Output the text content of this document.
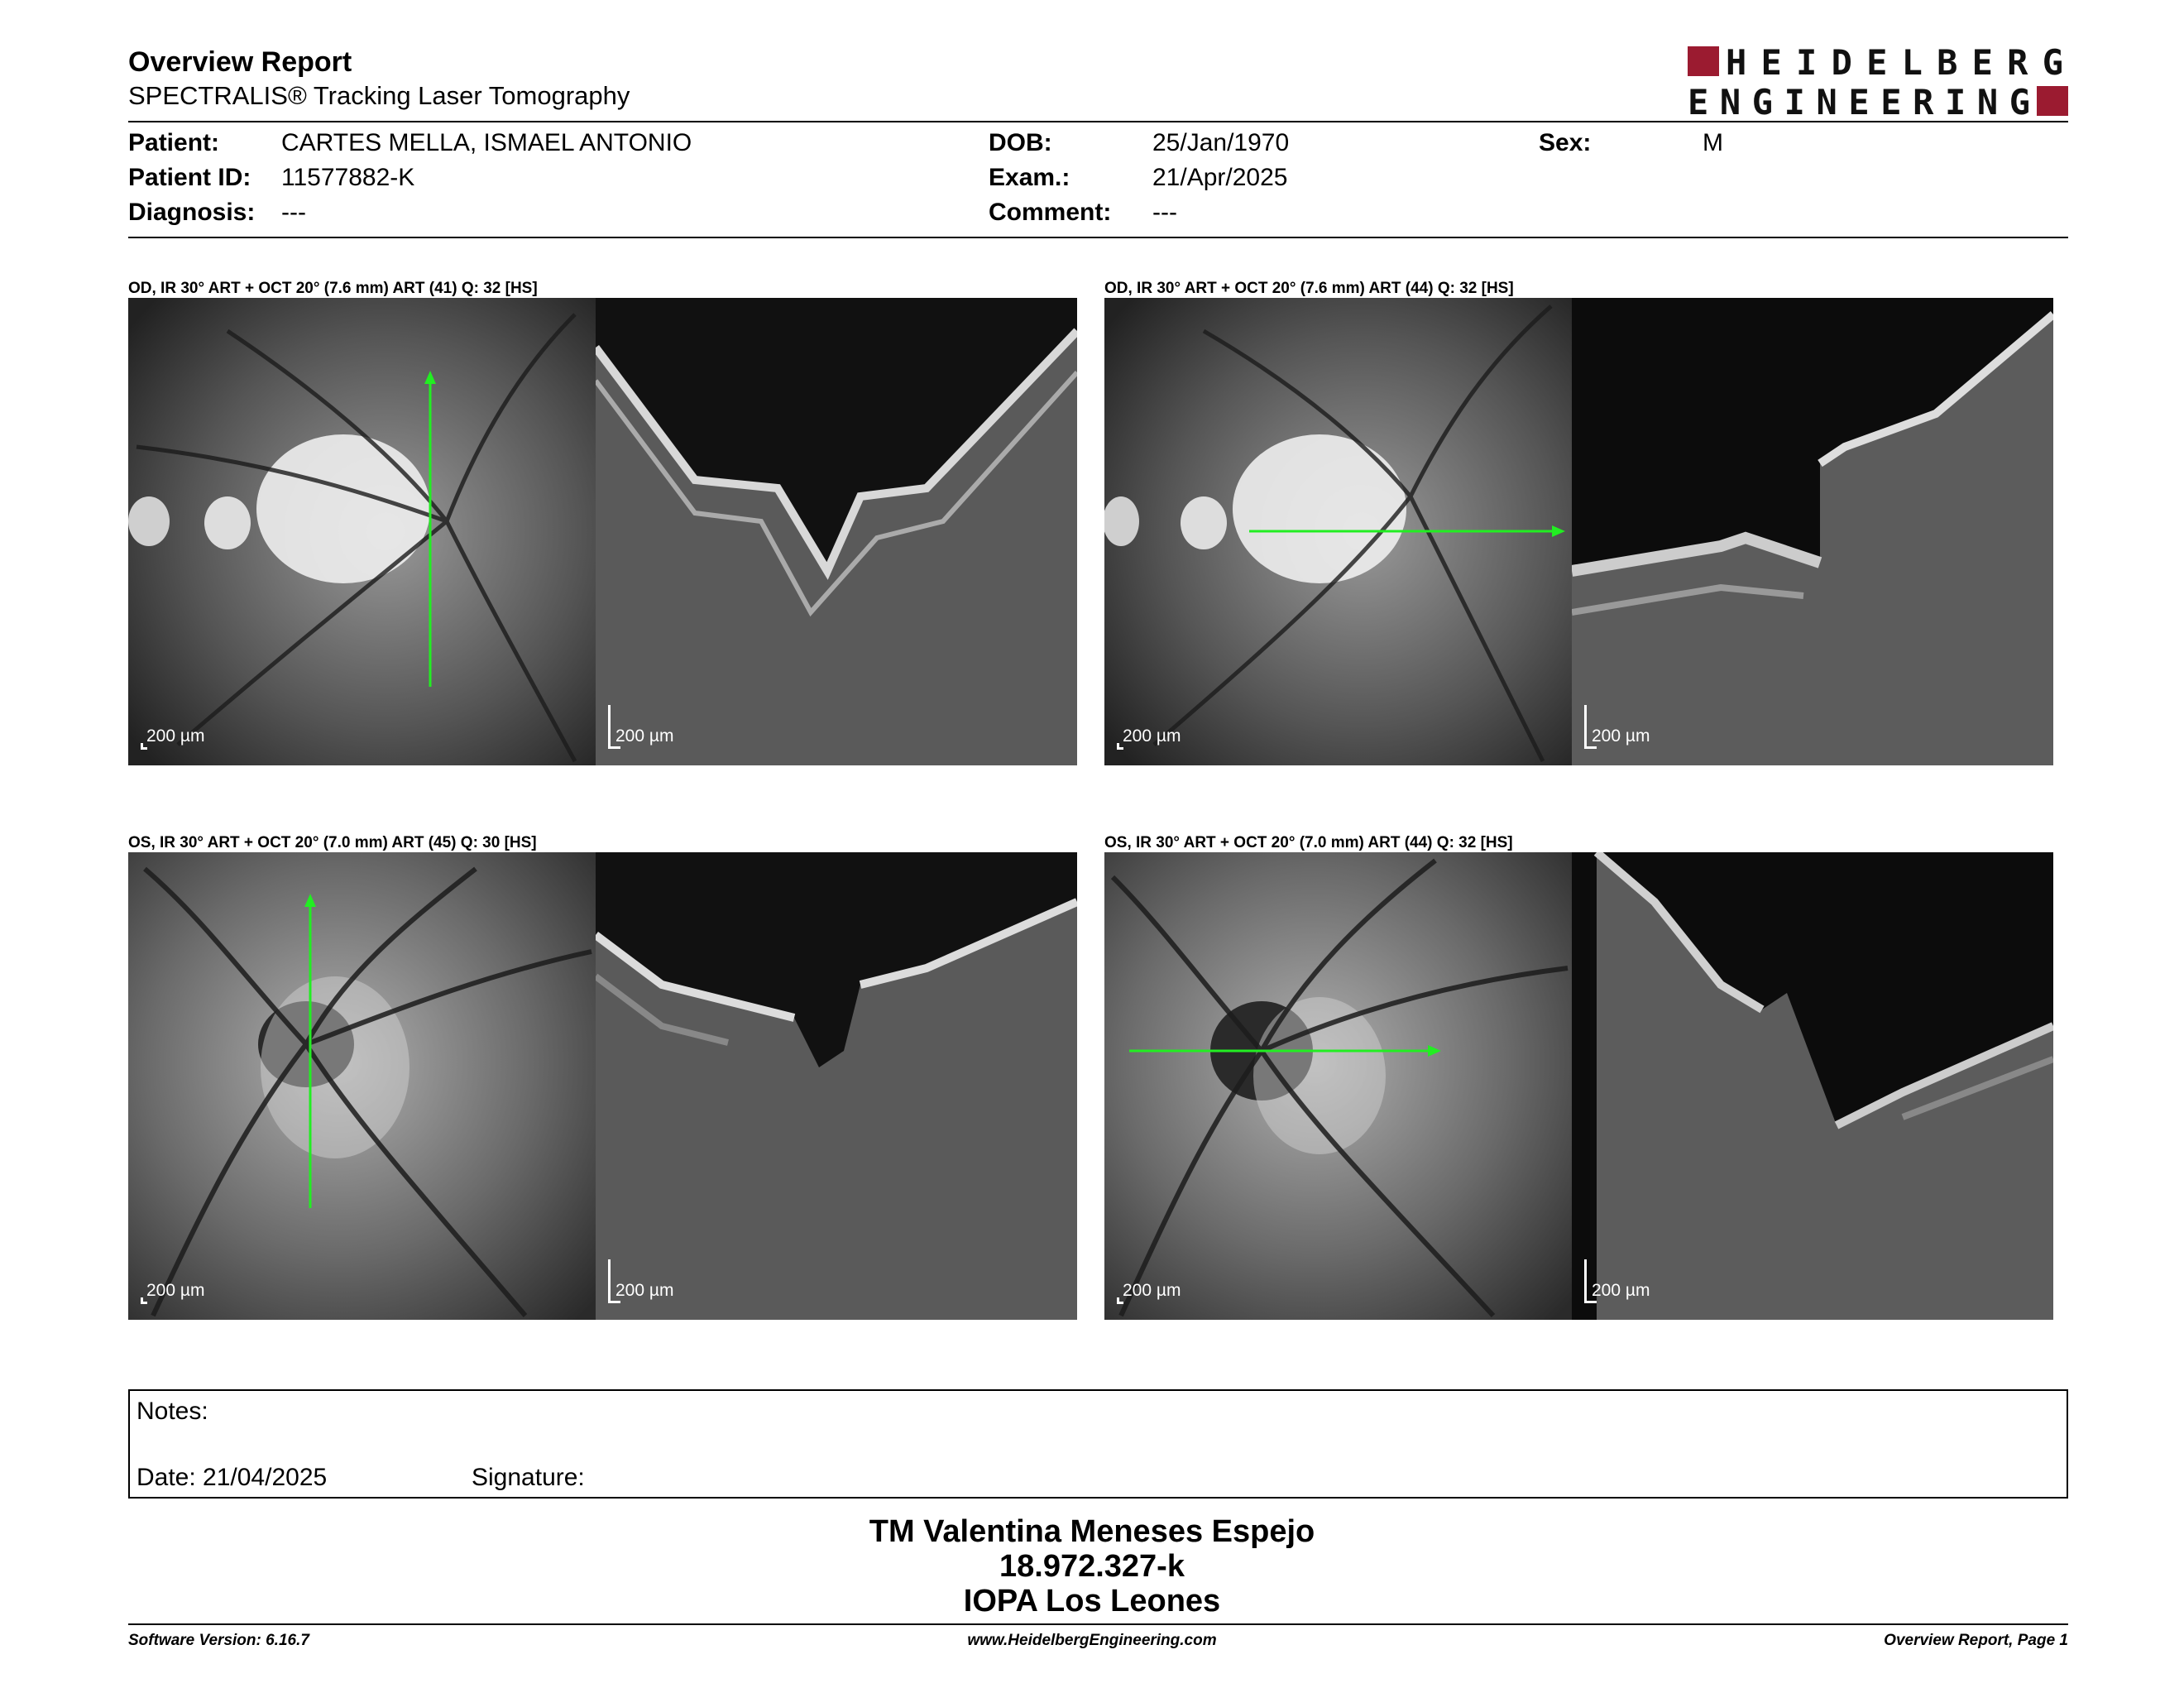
Overview Report
SPECTRALIS® Tracking Laser Tomography
HEIDELBERG
ENGINEERING
Patient: CARTES MELLA, ISMAEL ANTONIO
Patient ID: 11577882-K
Diagnosis: ---
DOB:	25/Jan/1970
Exam.:	21/Apr/2025
Comment: ---
Sex:	M
OD, IR 30° ART + OCT 20° (7.6 mm) ART (41) Q: 32 [HS]
200 µm	200 µm
OD, IR 30° ART + OCT 20° (7.6 mm) ART (44) Q: 32 [HS]
200 µm	200 µm
OS, IR 30° ART + OCT 20° (7.0 mm) ART (45) Q: 30 [HS]
200 µm	200 µm
OS, IR 30° ART + OCT 20° (7.0 mm) ART (44) Q: 32 [HS]
200 µm	200 µm
Notes:
Date: 21/04/2025	Signature:
TM Valentina Meneses Espejo
18.972.327-k
IOPA Los Leones
Software Version: 6.16.7	www.HeidelbergEngineering.com	Overview Report, Page 1
